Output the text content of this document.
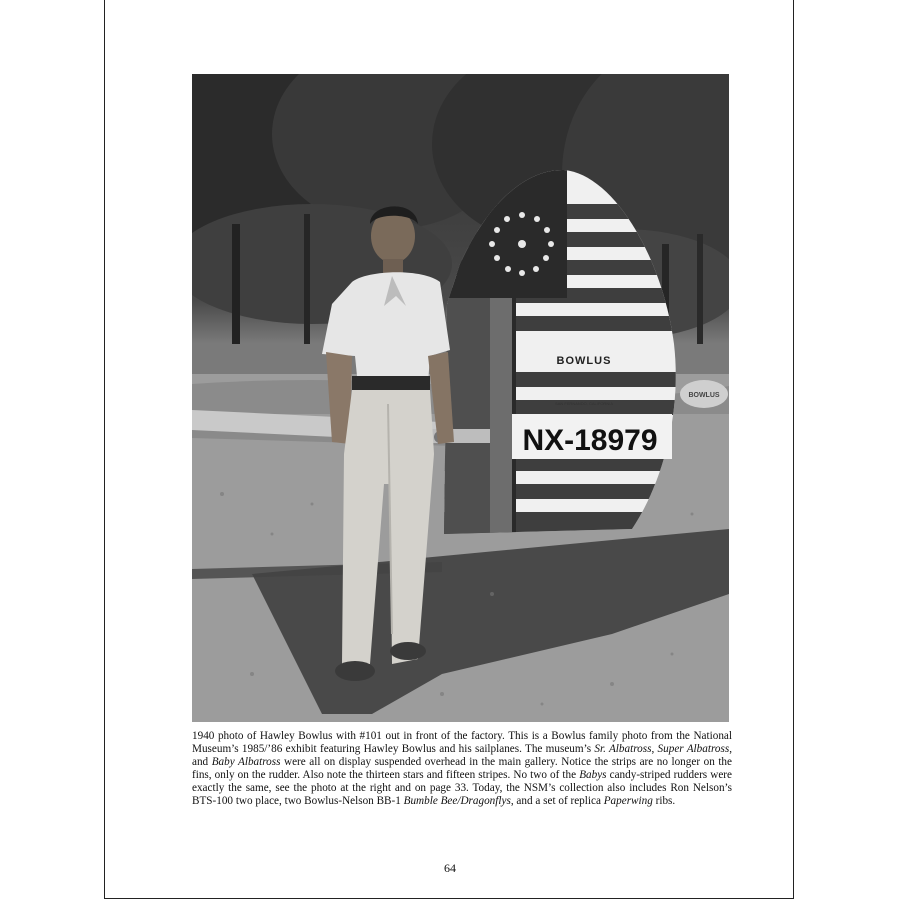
BOWLUS
BOWLUS
SAN FERNANDO, CALIFORNIA
NX-18979
1940 photo of Hawley Bowlus with #101 out in front of the factory. This is a Bowlus family photo from the National Museum’s 1985/’86 exhibit featuring Hawley Bowlus and his sailplanes. The museum’s Sr. Albatross, Super Albatross, and Baby Albatross were all on display suspended overhead in the main gallery. Notice the strips are no longer on the fins, only on the rudder. Also note the thirteen stars and fifteen stripes. No two of the Babys candy-striped rudders were exactly the same, see the photo at the right and on page 33. Today, the NSM’s collection also includes Ron Nelson’s BTS-100 two place, two Bowlus-Nelson BB-1 Bumble Bee/Dragonflys, and a set of replica Paperwing ribs.
64
